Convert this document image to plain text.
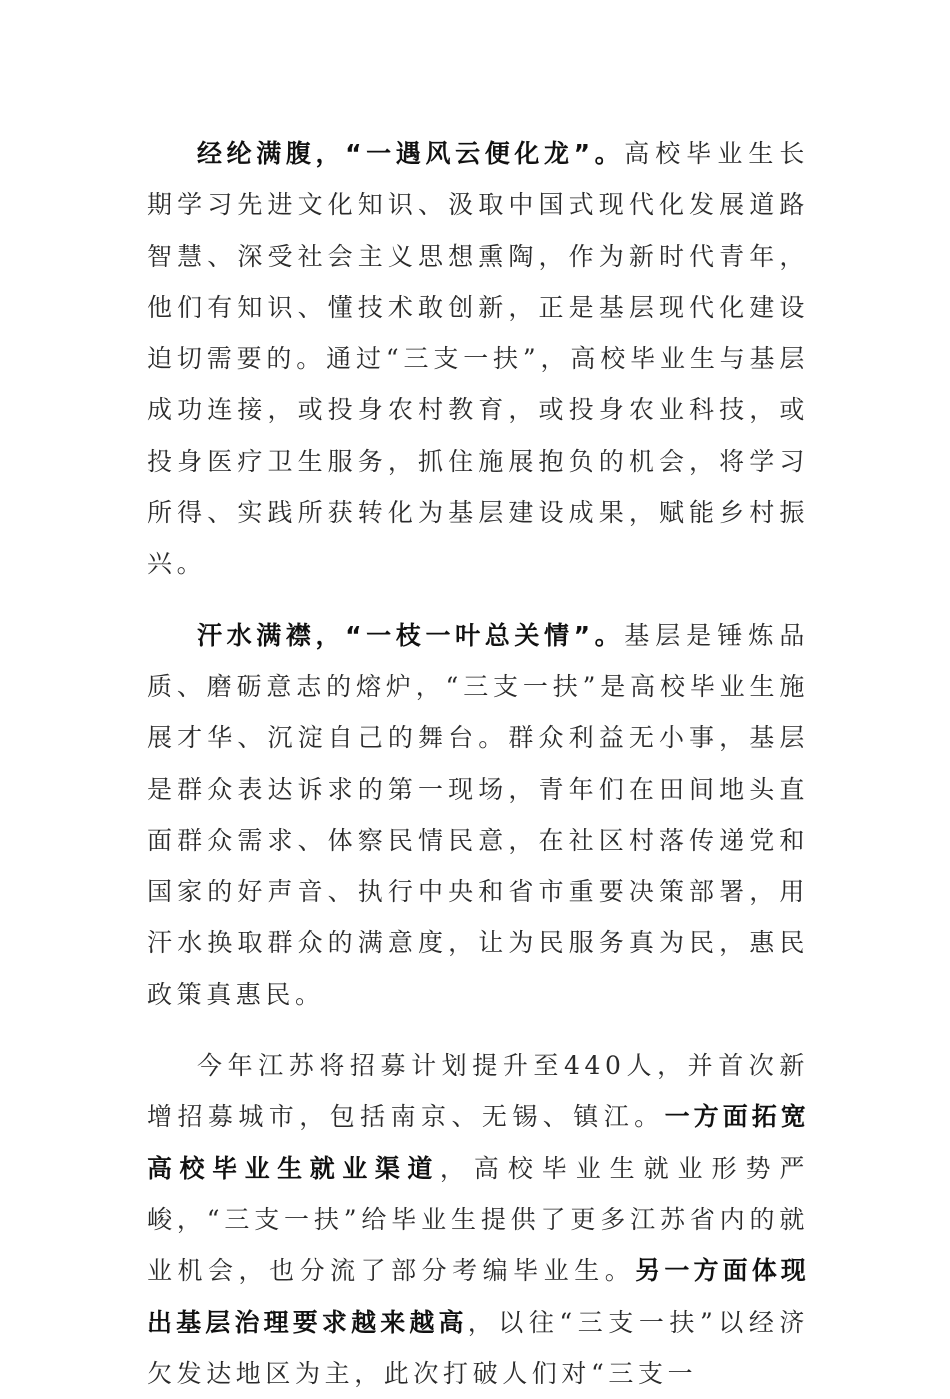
经纶满腹，“一遇风云便化龙”。高校毕业生长期学习先进文化知识、汲取中国式现代化发展道路智慧、深受社会主义思想熏陶，作为新时代青年，他们有知识、懂技术敢创新，正是基层现代化建设迫切需要的。通过“三支一扶”，高校毕业生与基层成功连接，或投身农村教育，或投身农业科技，或投身医疗卫生服务，抓住施展抱负的机会，将学习所得、实践所获转化为基层建设成果，赋能乡村振兴。

汗水满襟，“一枝一叶总关情”。基层是锤炼品质、磨砺意志的熔炉，“三支一扶”是高校毕业生施展才华、沉淀自己的舞台。群众利益无小事，基层是群众表达诉求的第一现场，青年们在田间地头直面群众需求、体察民情民意，在社区村落传递党和国家的好声音、执行中央和省市重要决策部署，用汗水换取群众的满意度，让为民服务真为民，惠民政策真惠民。

今年江苏将招募计划提升至440人，并首次新增招募城市，包括南京、无锡、镇江。一方面拓宽高校毕业生就业渠道，高校毕业生就业形势严峻，“三支一扶”给毕业生提供了更多江苏省内的就业机会，也分流了部分考编毕业生。另一方面体现出基层治理要求越来越高，以往“三支一扶”以经济欠发达地区为主，此次打破人们对“三支一
